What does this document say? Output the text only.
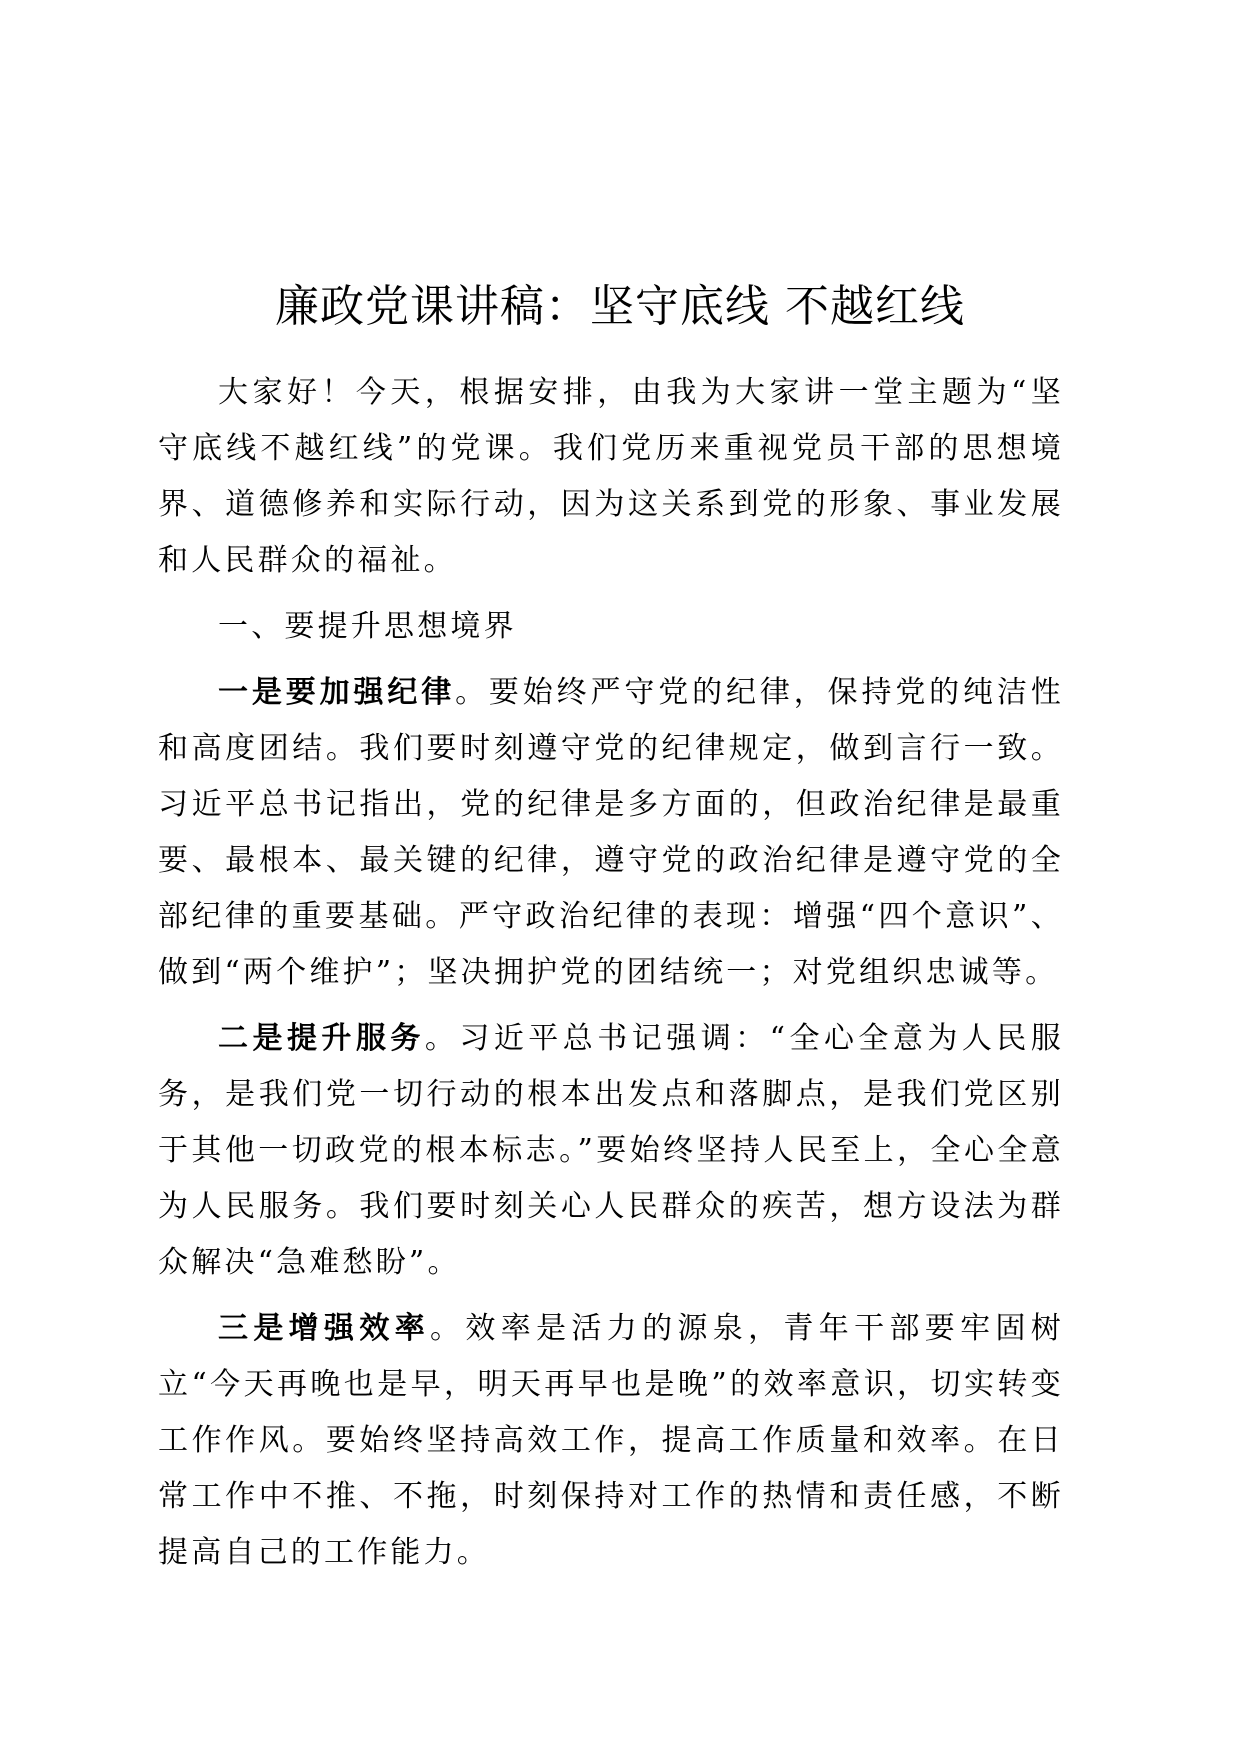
廉政党课讲稿：坚守底线 不越红线

大家好！今天，根据安排，由我为大家讲一堂主题为“坚守底线不越红线”的党课。我们党历来重视党员干部的思想境界、道德修养和实际行动，因为这关系到党的形象、事业发展和人民群众的福祉。

一、要提升思想境界

一是要加强纪律。要始终严守党的纪律，保持党的纯洁性和高度团结。我们要时刻遵守党的纪律规定，做到言行一致。习近平总书记指出，党的纪律是多方面的，但政治纪律是最重要、最根本、最关键的纪律，遵守党的政治纪律是遵守党的全部纪律的重要基础。严守政治纪律的表现：增强“四个意识”、做到“两个维护”；坚决拥护党的团结统一；对党组织忠诚等。

二是提升服务。习近平总书记强调：“全心全意为人民服务，是我们党一切行动的根本出发点和落脚点，是我们党区别于其他一切政党的根本标志。”要始终坚持人民至上，全心全意为人民服务。我们要时刻关心人民群众的疾苦，想方设法为群众解决“急难愁盼”。

三是增强效率。效率是活力的源泉，青年干部要牢固树立“今天再晚也是早，明天再早也是晚”的效率意识，切实转变工作作风。要始终坚持高效工作，提高工作质量和效率。在日常工作中不推、不拖，时刻保持对工作的热情和责任感，不断提高自己的工作能力。
